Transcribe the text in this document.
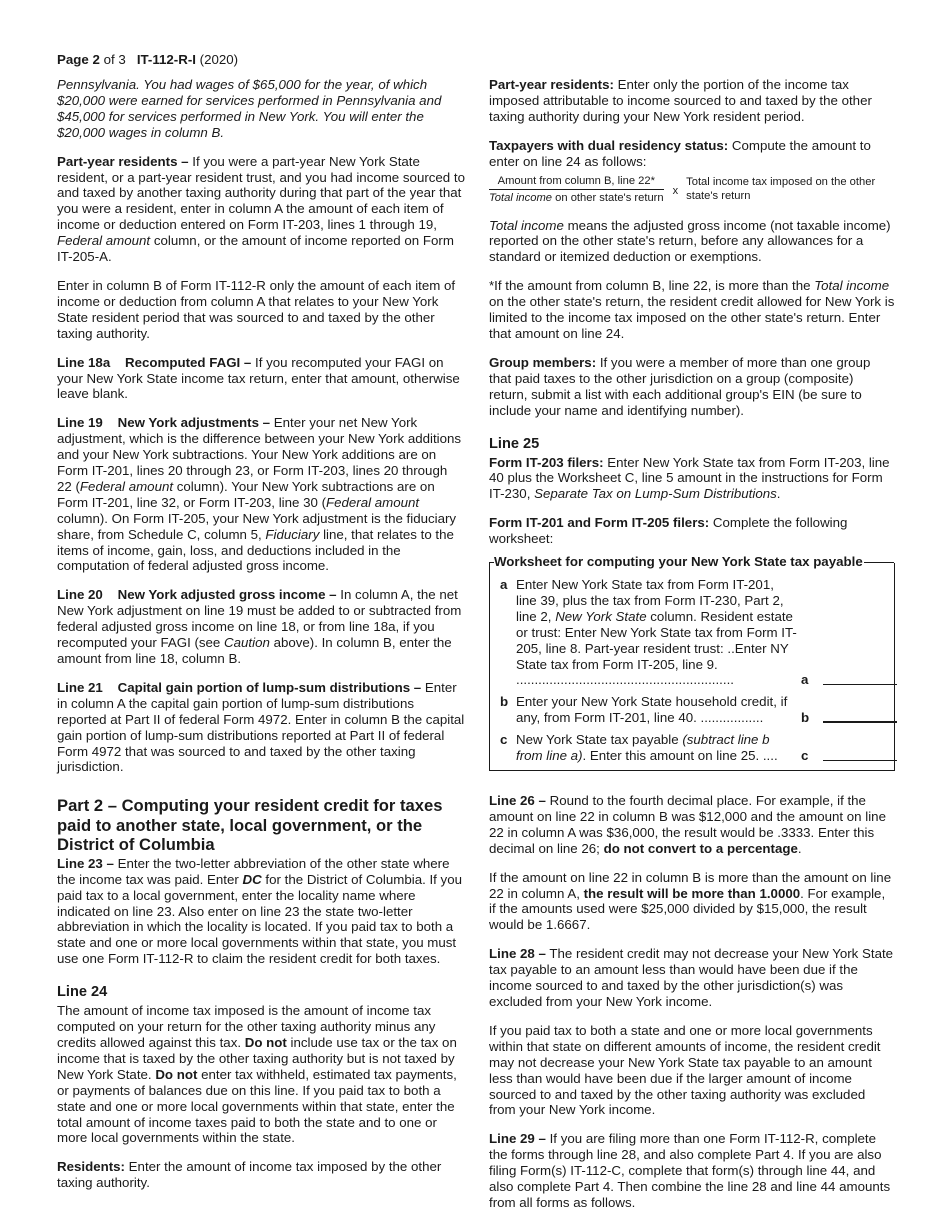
Page 2 of 3 IT-112-R-I (2020)

Pennsylvania. You had wages of $65,000 for the year, of which $20,000 were earned for services performed in Pennsylvania and $45,000 for services performed in New York. You will enter the $20,000 wages in column B.

Part-year residents – If you were a part-year New York State resident, or a part-year resident trust, and you had income sourced to and taxed by another taxing authority during that part of the year that you were a resident, enter in column A the amount of each item of income or deduction entered on Form IT-203, lines 1 through 19, Federal amount column, or the amount of income reported on Form IT-205-A.

Enter in column B of Form IT-112-R only the amount of each item of income or deduction from column A that relates to your New York State resident period that was sourced to and taxed by the other taxing authority.

Line 18a    Recomputed FAGI – If you recomputed your FAGI on your New York State income tax return, enter that amount, otherwise leave blank.

Line 19    New York adjustments – Enter your net New York adjustment, which is the difference between your New York additions and your New York subtractions. Your New York additions are on Form IT-201, lines 20 through 23, or Form IT-203, lines 20 through 22 (Federal amount column). Your New York subtractions are on Form IT-201, line 32, or Form IT-203, line 30 (Federal amount column). On Form IT-205, your New York adjustment is the fiduciary share, from Schedule C, column 5, Fiduciary line, that relates to the items of income, gain, loss, and deductions included in the computation of federal adjusted gross income.

Line 20    New York adjusted gross income – In column A, the net New York adjustment on line 19 must be added to or subtracted from federal adjusted gross income on line 18, or from line 18a, if you recomputed your FAGI (see Caution above). In column B, enter the amount from line 18, column B.

Line 21    Capital gain portion of lump-sum distributions – Enter in column A the capital gain portion of lump-sum distributions reported at Part II of federal Form 4972. Enter in column B the capital gain portion of lump-sum distributions reported at Part II of federal Form 4972 that was sourced to and taxed by the other taxing jurisdiction.

Part 2 – Computing your resident credit for taxes paid to another state, local government, or the District of Columbia

Line 23 – Enter the two-letter abbreviation of the other state where the income tax was paid. Enter DC for the District of Columbia. If you paid tax to a local government, enter the locality name where indicated on line 23. Also enter on line 23 the state two-letter abbreviation in which the locality is located. If you paid tax to both a state and one or more local governments within that state, you must use one Form IT-112-R to claim the resident credit for both taxes.

Line 24

The amount of income tax imposed is the amount of income tax computed on your return for the other taxing authority minus any credits allowed against this tax. Do not include use tax or the tax on income that is taxed by the other taxing authority but is not taxed by New York State. Do not enter tax withheld, estimated tax payments, or payments of balances due on this line. If you paid tax to both a state and one or more local governments within that state, enter the total amount of income taxes paid to both the state and to one or more local governments within the state.

Residents: Enter the amount of income tax imposed by the other taxing authority.

Part-year residents: Enter only the portion of the income tax imposed attributable to income sourced to and taxed by the other taxing authority during your New York resident period.

Taxpayers with dual residency status: Compute the amount to enter on line 24 as follows:

$\frac{\text{Amount from column B, line 22*}}{\text{Total income on other state's return}}$ x
Total income tax imposed on the other state's return

Total income means the adjusted gross income (not taxable income) reported on the other state's return, before any allowances for a standard or itemized deduction or exemptions.

*If the amount from column B, line 22, is more than the Total income on the other state's return, the resident credit allowed for New York is limited to the income tax imposed on the other state's return. Enter that amount on line 24.

Group members: If you were a member of more than one group that paid taxes to the other jurisdiction on a group (composite) return, submit a list with each additional group's EIN (be sure to include your name and identifying number).

Line 25

Form IT-203 filers: Enter New York State tax from Form IT-203, line 40 plus the Worksheet C, line 5 amount in the instructions for Form IT-230, Separate Tax on Lump-Sum Distributions.

Form IT-201 and Form IT-205 filers: Complete the following worksheet:

Worksheet for computing your New York State tax payable
a Enter New York State tax from Form IT-201, line 39, plus the tax from Form IT-230, Part 2, line 2, New York State column. Resident estate or trust: Enter New York State tax from Form IT-205, line 8. Part-year resident trust: ..Enter NY State tax from Form IT-205, line 9. ...........................................................	a
b Enter your New York State household credit, if any, from Form IT-201, line 40. .................	b
c New York State tax payable (subtract line b from line a). Enter this amount on line 25. ....	c

Line 26 – Round to the fourth decimal place. For example, if the amount on line 22 in column B was $12,000 and the amount on line 22 in column A was $36,000, the result would be .3333. Enter this decimal on line 26; do not convert to a percentage.

If the amount on line 22 in column B is more than the amount on line 22 in column A, the result will be more than 1.0000. For example, if the amounts used were $25,000 divided by $15,000, the result would be 1.6667.

Line 28 – The resident credit may not decrease your New York State tax payable to an amount less than would have been due if the income sourced to and taxed by the other jurisdiction(s) was excluded from your New York income.

If you paid tax to both a state and one or more local governments within that state on different amounts of income, the resident credit may not decrease your New York State tax payable to an amount less than would have been due if the larger amount of income sourced to and taxed by the other taxing authority was excluded from your New York income.

Line 29 – If you are filing more than one Form IT-112-R, complete the forms through line 28, and also complete Part 4. If you are also filing Form(s) IT-112-C, complete that form(s) through line 44, and also complete Part 4. Then combine the line 28 and line 44 amounts from all forms as follows.
